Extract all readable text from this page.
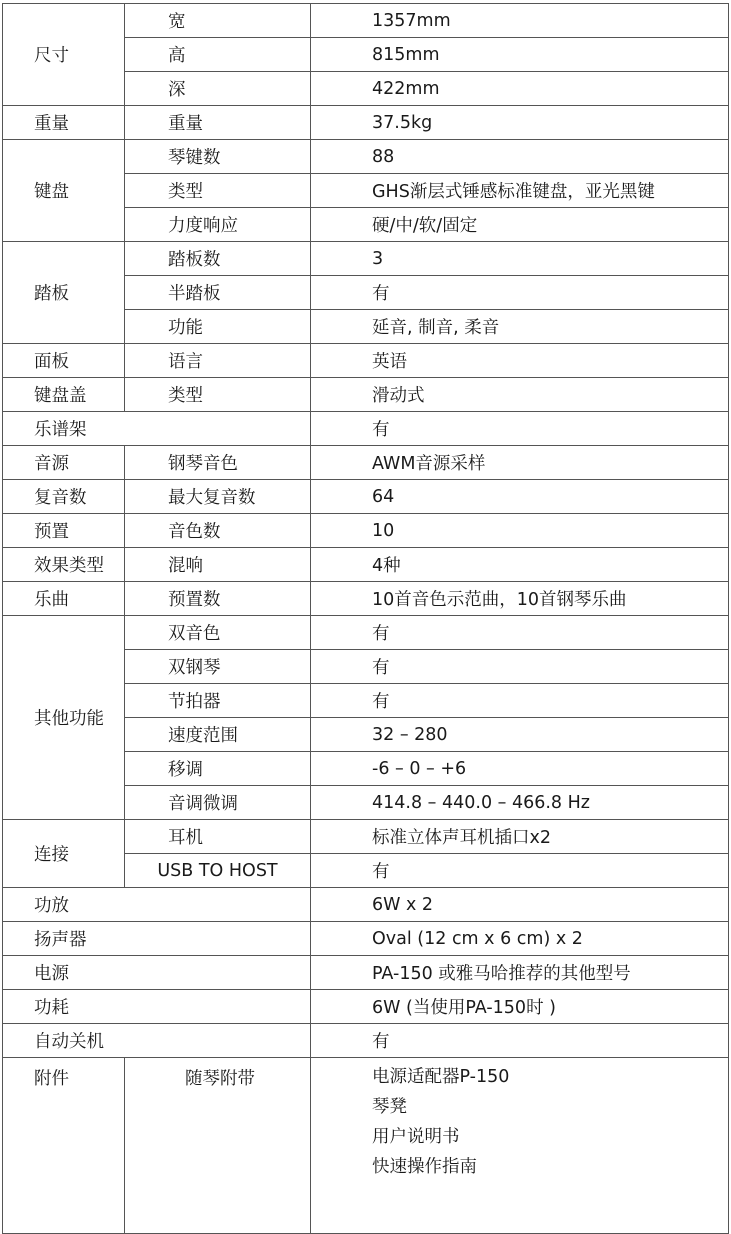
尺寸	宽	1357mm
	高	815mm
	深	422mm
重量	重量	37.5kg
键盘	琴键数	88
	类型	GHS渐层式锤感标准键盘，亚光黑键
	力度响应	硬/中/软/固定
踏板	踏板数	3
	半踏板	有
	功能	延音, 制音, 柔音
面板	语言	英语
键盘盖	类型	滑动式
乐谱架		有
音源	钢琴音色	AWM音源采样
复音数	最大复音数	64
预置	音色数	10
效果类型	混响	4种
乐曲	预置数	10首音色示范曲，10首钢琴乐曲
其他功能	双音色	有
	双钢琴	有
	节拍器	有
	速度范围	32 – 280
	移调	-6 – 0 – +6
	音调微调	414.8 – 440.0 – 466.8 Hz
连接	耳机	标准立体声耳机插口x2
	USB TO HOST	有
功放		6W x 2
扬声器		Oval (12 cm x 6 cm) x 2
电源		PA-150 或雅马哈推荐的其他型号
功耗		6W (当使用PA-150时 )
自动关机		有
附件	随琴附带	电源适配器P-150
琴凳
用户说明书
快速操作指南
